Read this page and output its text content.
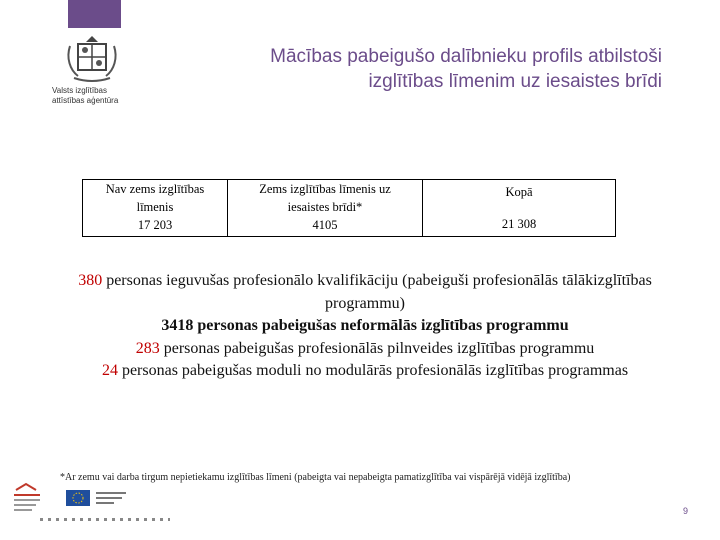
Valsts izglītības
attīstības aģentūra
Mācības pabeigušo dalībnieku profils atbilstoši
izglītības līmenim uz iesaistes brīdi
Nav zems izglītības
līmenis
17 203

Zems izglītības līmenis uz
iesaistes brīdi*
4105

Kopā
21 308
380 personas ieguvušas profesionālo kvalifikāciju (pabeiguši profesionālās tālākizglītības programmu)
3418 personas pabeigušas neformālās izglītības programmu
283 personas pabeigušas profesionālās pilnveides izglītības programmu
24 personas pabeigušas moduli no modulārās profesionālās izglītības programmas
*Ar zemu vai darba tirgum nepietiekamu izglītības līmeni (pabeigta vai nepabeigta pamatizglītība vai vispārējā vidējā izglītība)
9
